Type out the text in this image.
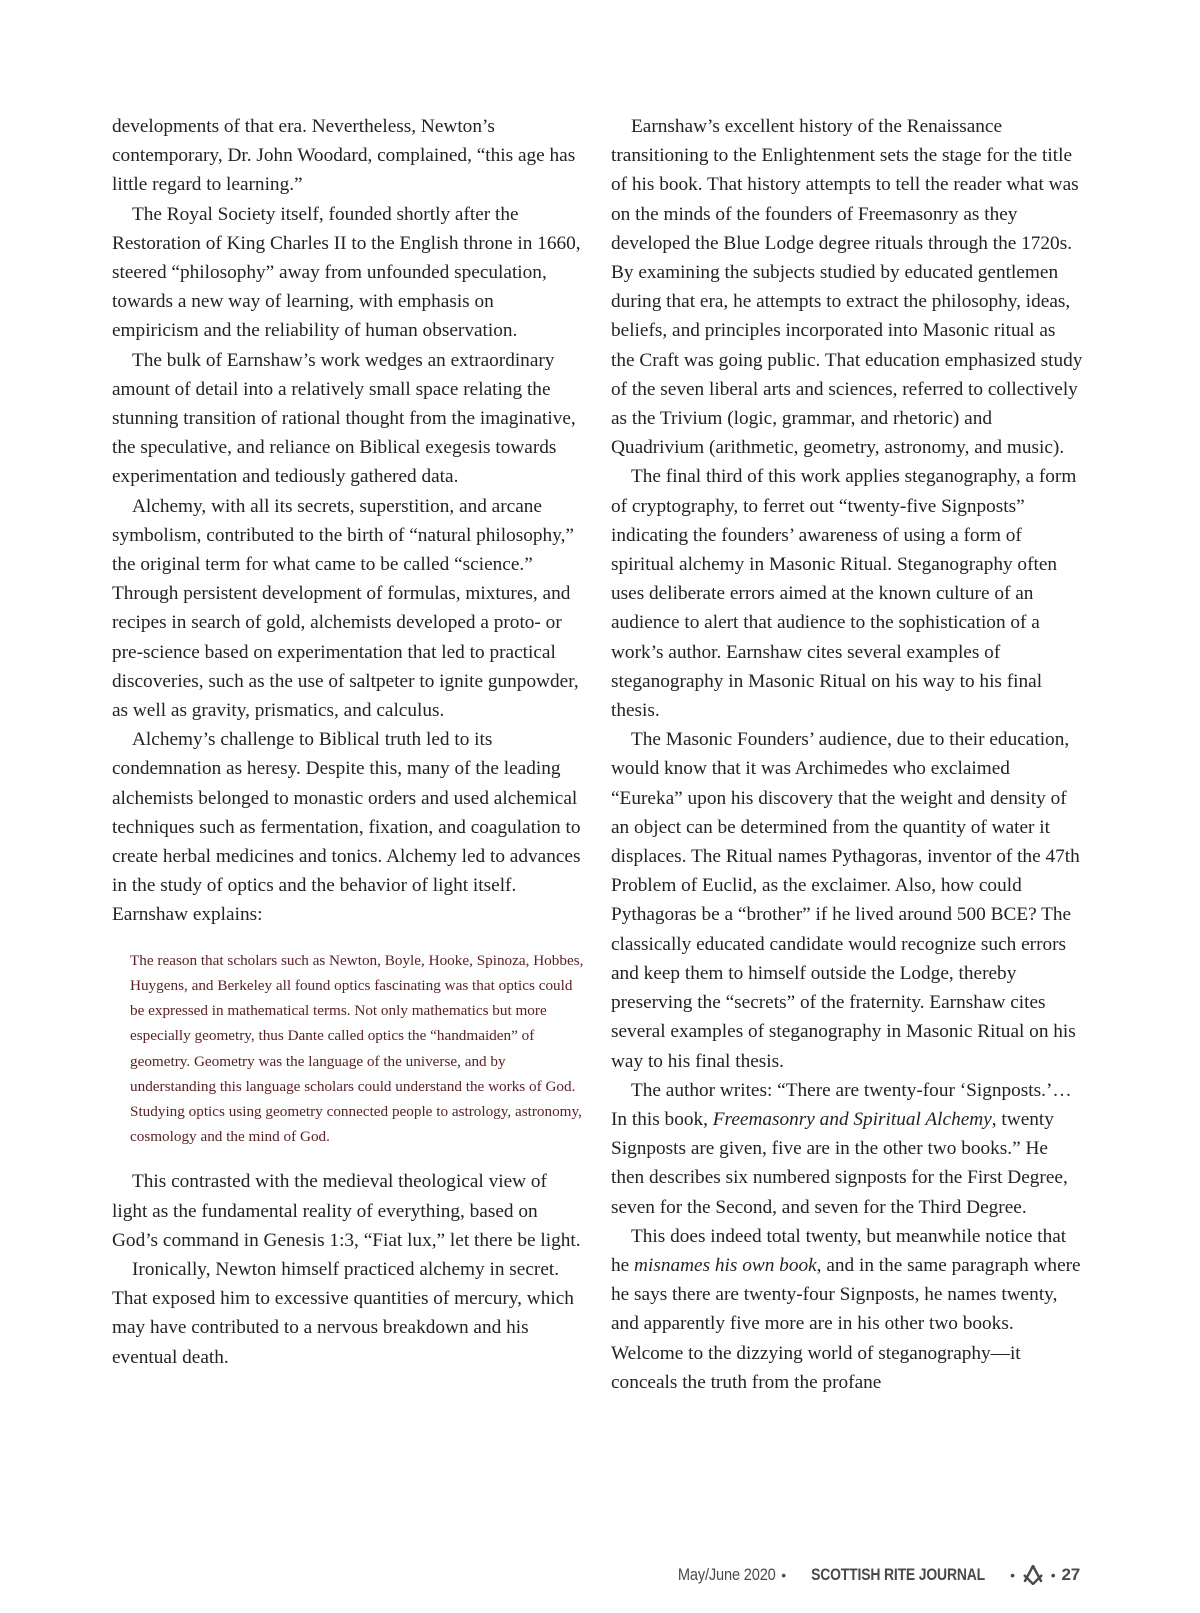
developments of that era. Nevertheless, Newton’s contemporary, Dr. John Woodard, complained, “this age has little regard to learning.”

The Royal Society itself, founded shortly after the Restoration of King Charles II to the English throne in 1660, steered “philosophy” away from unfounded speculation, towards a new way of learning, with emphasis on empiricism and the reliability of human observation.

The bulk of Earnshaw’s work wedges an extraordinary amount of detail into a relatively small space relating the stunning transition of rational thought from the imaginative, the speculative, and reliance on Biblical exegesis towards experimentation and tediously gathered data.

Alchemy, with all its secrets, superstition, and arcane symbolism, contributed to the birth of “natural philosophy,” the original term for what came to be called “science.” Through persistent development of formulas, mixtures, and recipes in search of gold, alchemists developed a proto- or pre-science based on experimentation that led to practical discoveries, such as the use of saltpeter to ignite gunpowder, as well as gravity, prismatics, and calculus.

Alchemy’s challenge to Biblical truth led to its condemnation as heresy. Despite this, many of the leading alchemists belonged to monastic orders and used alchemical techniques such as fermentation, fixation, and coagulation to create herbal medicines and tonics. Alchemy led to advances in the study of optics and the behavior of light itself. Earnshaw explains:

The reason that scholars such as Newton, Boyle, Hooke, Spinoza, Hobbes, Huygens, and Berkeley all found optics fascinating was that optics could be expressed in mathematical terms. Not only mathematics but more especially geometry, thus Dante called optics the “handmaiden” of geometry. Geometry was the language of the universe, and by understanding this language scholars could understand the works of God. Studying optics using geometry connected people to astrology, astronomy, cosmology and the mind of God.

This contrasted with the medieval theological view of light as the fundamental reality of everything, based on God’s command in Genesis 1:3, “Fiat lux,” let there be light.

Ironically, Newton himself practiced alchemy in secret. That exposed him to excessive quantities of mercury, which may have contributed to a nervous breakdown and his eventual death.

Earnshaw’s excellent history of the Renaissance transitioning to the Enlightenment sets the stage for the title of his book. That history attempts to tell the reader what was on the minds of the founders of Freemasonry as they developed the Blue Lodge degree rituals through the 1720s. By examining the subjects studied by educated gentlemen during that era, he attempts to extract the philosophy, ideas, beliefs, and principles incorporated into Masonic ritual as the Craft was going public. That education emphasized study of the seven liberal arts and sciences, referred to collectively as the Trivium (logic, grammar, and rhetoric) and Quadrivium (arithmetic, geometry, astronomy, and music).

The final third of this work applies steganography, a form of cryptography, to ferret out “twenty-five Signposts” indicating the founders’ awareness of using a form of spiritual alchemy in Masonic Ritual. Steganography often uses deliberate errors aimed at the known culture of an audience to alert that audience to the sophistication of a work’s author. Earnshaw cites several examples of steganography in Masonic Ritual on his way to his final thesis.

The Masonic Founders’ audience, due to their education, would know that it was Archimedes who exclaimed “Eureka” upon his discovery that the weight and density of an object can be determined from the quantity of water it displaces. The Ritual names Pythagoras, inventor of the 47th Problem of Euclid, as the exclaimer. Also, how could Pythagoras be a “brother” if he lived around 500 BCE? The classically educated candidate would recognize such errors and keep them to himself outside the Lodge, thereby preserving the “secrets” of the fraternity. Earnshaw cites several examples of steganography in Masonic Ritual on his way to his final thesis.

The author writes: “There are twenty-four ‘Signposts.’… In this book, Freemasonry and Spiritual Alchemy, twenty Signposts are given, five are in the other two books.” He then describes six numbered signposts for the First Degree, seven for the Second, and seven for the Third Degree.

This does indeed total twenty, but meanwhile notice that he misnames his own book, and in the same paragraph where he says there are twenty-four Signposts, he names twenty, and apparently five more are in his other two books. Welcome to the dizzying world of steganography—it conceals the truth from the profane

May/June 2020 • SCOTTISH RITE JOURNAL •	• 27
